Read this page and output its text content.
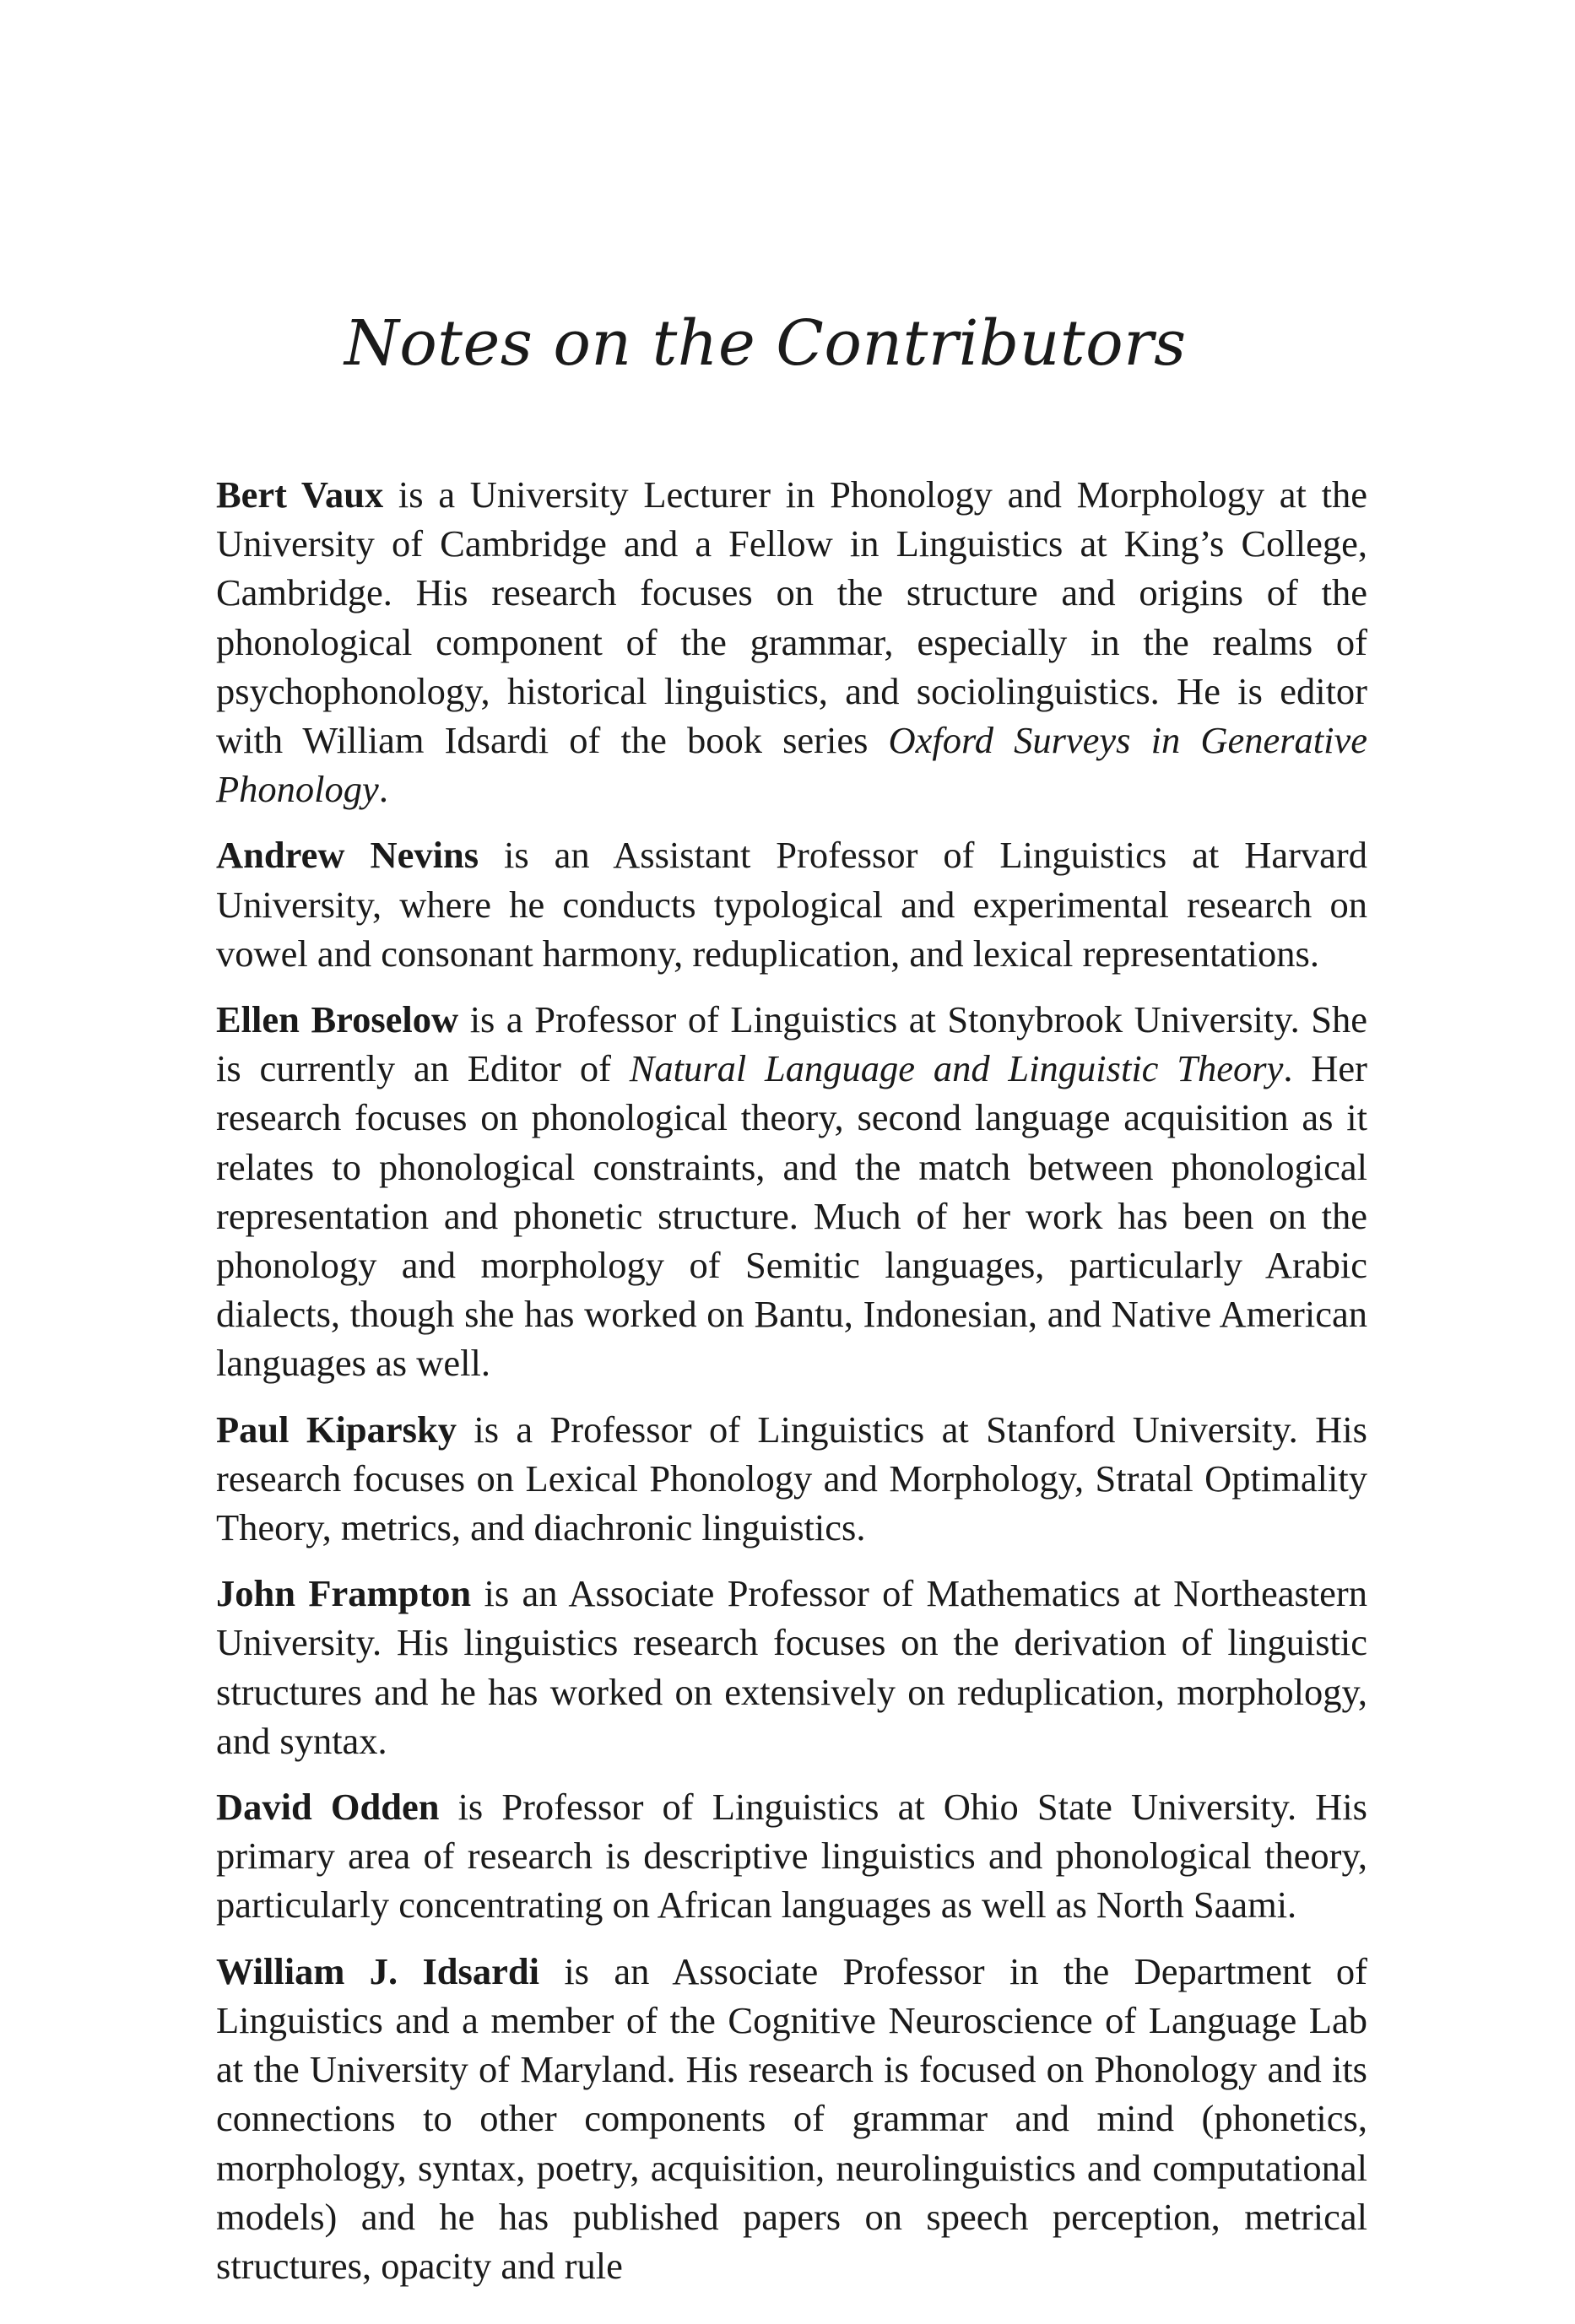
Notes on the Contributors

Bert Vaux is a University Lecturer in Phonology and Morphology at the University of Cambridge and a Fellow in Linguistics at King’s College, Cambridge. His research focuses on the structure and origins of the phonological component of the grammar, especially in the realms of psychophonology, historical linguistics, and sociolinguistics. He is editor with William Idsardi of the book series Oxford Surveys in Generative Phonology.

Andrew Nevins is an Assistant Professor of Linguistics at Harvard University, where he conducts typological and experimental research on vowel and consonant harmony, reduplication, and lexical representations.

Ellen Broselow is a Professor of Linguistics at Stonybrook University. She is currently an Editor of Natural Language and Linguistic Theory. Her research focuses on phonological theory, second language acquisition as it relates to phonological constraints, and the match between phonological representation and phonetic structure. Much of her work has been on the phonology and morphology of Semitic languages, particularly Arabic dialects, though she has worked on Bantu, Indonesian, and Native American languages as well.

Paul Kiparsky is a Professor of Linguistics at Stanford University. His research focuses on Lexical Phonology and Morphology, Stratal Optimality Theory, metrics, and diachronic linguistics.

John Frampton is an Associate Professor of Mathematics at Northeastern University. His linguistics research focuses on the derivation of linguistic structures and he has worked on extensively on reduplication, morphology, and syntax.

David Odden is Professor of Linguistics at Ohio State University. His primary area of research is descriptive linguistics and phonological theory, particularly concentrating on African languages as well as North Saami.

William J. Idsardi is an Associate Professor in the Department of Linguistics and a member of the Cognitive Neuroscience of Language Lab at the University of Maryland. His research is focused on Phonology and its connections to other components of grammar and mind (phonetics, morphology, syntax, poetry, acquisition, neurolinguistics and computational models) and he has published papers on speech perception, metrical structures, opacity and rule
